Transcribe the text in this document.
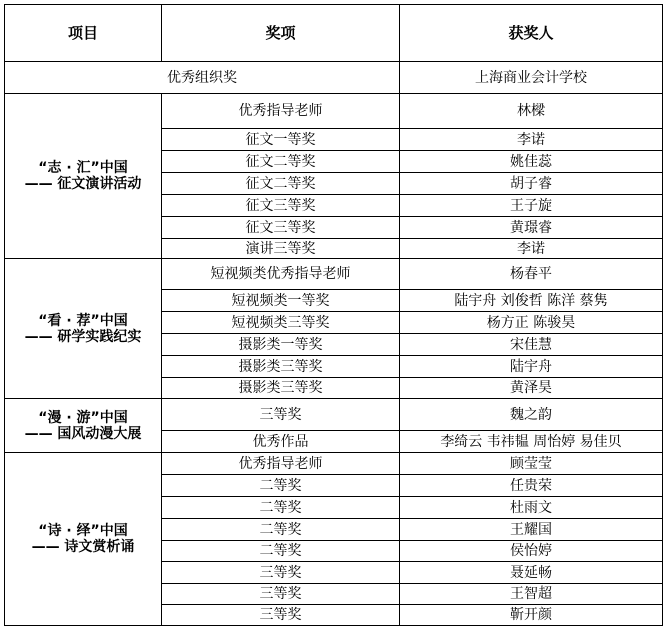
项目	奖项	获奖人
优秀组织奖		上海商业会计学校

“志 · 汇”中国
—— 征文演讲活动	优秀指导老师	林樑
	征文一等奖	李诺
	征文二等奖	姚佳蕊
	征文二等奖	胡子睿
	征文三等奖	王子旋
	征文三等奖	黄璟睿
	演讲三等奖	李诺

“看 · 荐”中国
—— 研学实践纪实	短视频类优秀指导老师	杨春平
	短视频类一等奖	陆宇舟 刘俊哲 陈洋 蔡隽
	短视频类三等奖	杨方正 陈骏昊
	摄影类一等奖	宋佳慧
	摄影类三等奖	陆宇舟
	摄影类三等奖	黄泽昊

“漫 · 游”中国
—— 国风动漫大展	三等奖	魏之韵
	优秀作品	李绮云 韦祎韫 周怡婷 易佳贝

“诗 · 绎”中国
—— 诗文赏析诵	优秀指导老师	顾莹莹
	二等奖	任贵荣
	二等奖	杜雨文
	二等奖	王耀国
	二等奖	侯怡婷
	三等奖	聂延畅
	三等奖	王智超
	三等奖	靳开颜
